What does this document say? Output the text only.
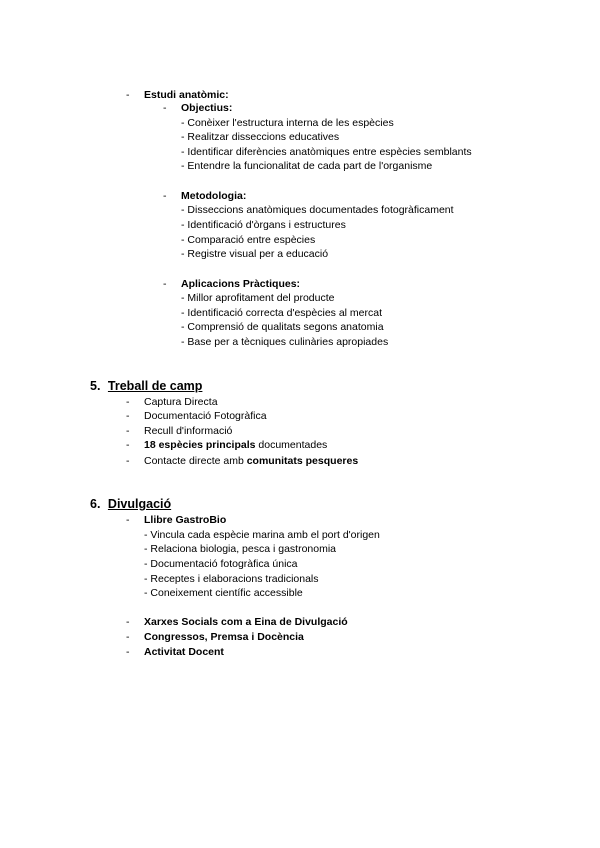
- Estudi anatòmic:
- Objectius:
- Conèixer l'estructura interna de les espècies
- Realitzar disseccions educatives
- Identificar diferències anatòmiques entre espècies semblants
- Entendre la funcionalitat de cada part de l'organisme
- Metodologia:
- Disseccions anatòmiques documentades fotogràficament
- Identificació d'òrgans i estructures
- Comparació entre espècies
- Registre visual per a educació
- Aplicacions Pràctiques:
- Millor aprofitament del producte
- Identificació correcta d'espècies al mercat
- Comprensió de qualitats segons anatomia
- Base per a tècniques culinàries apropiades
5. Treball de camp
- Captura Directa
- Documentació Fotogràfica
- Recull d'informació
- 18 espècies principals documentades
- Contacte directe amb comunitats pesqueres
6. Divulgació
- Llibre GastroBio
- Vincula cada espècie marina amb el port d'origen
- Relaciona biologia, pesca i gastronomia
- Documentació fotogràfica única
- Receptes i elaboracions tradicionals
- Coneixement científic accessible
- Xarxes Socials com a Eina de Divulgació
- Congressos, Premsa i Docència
- Activitat Docent
